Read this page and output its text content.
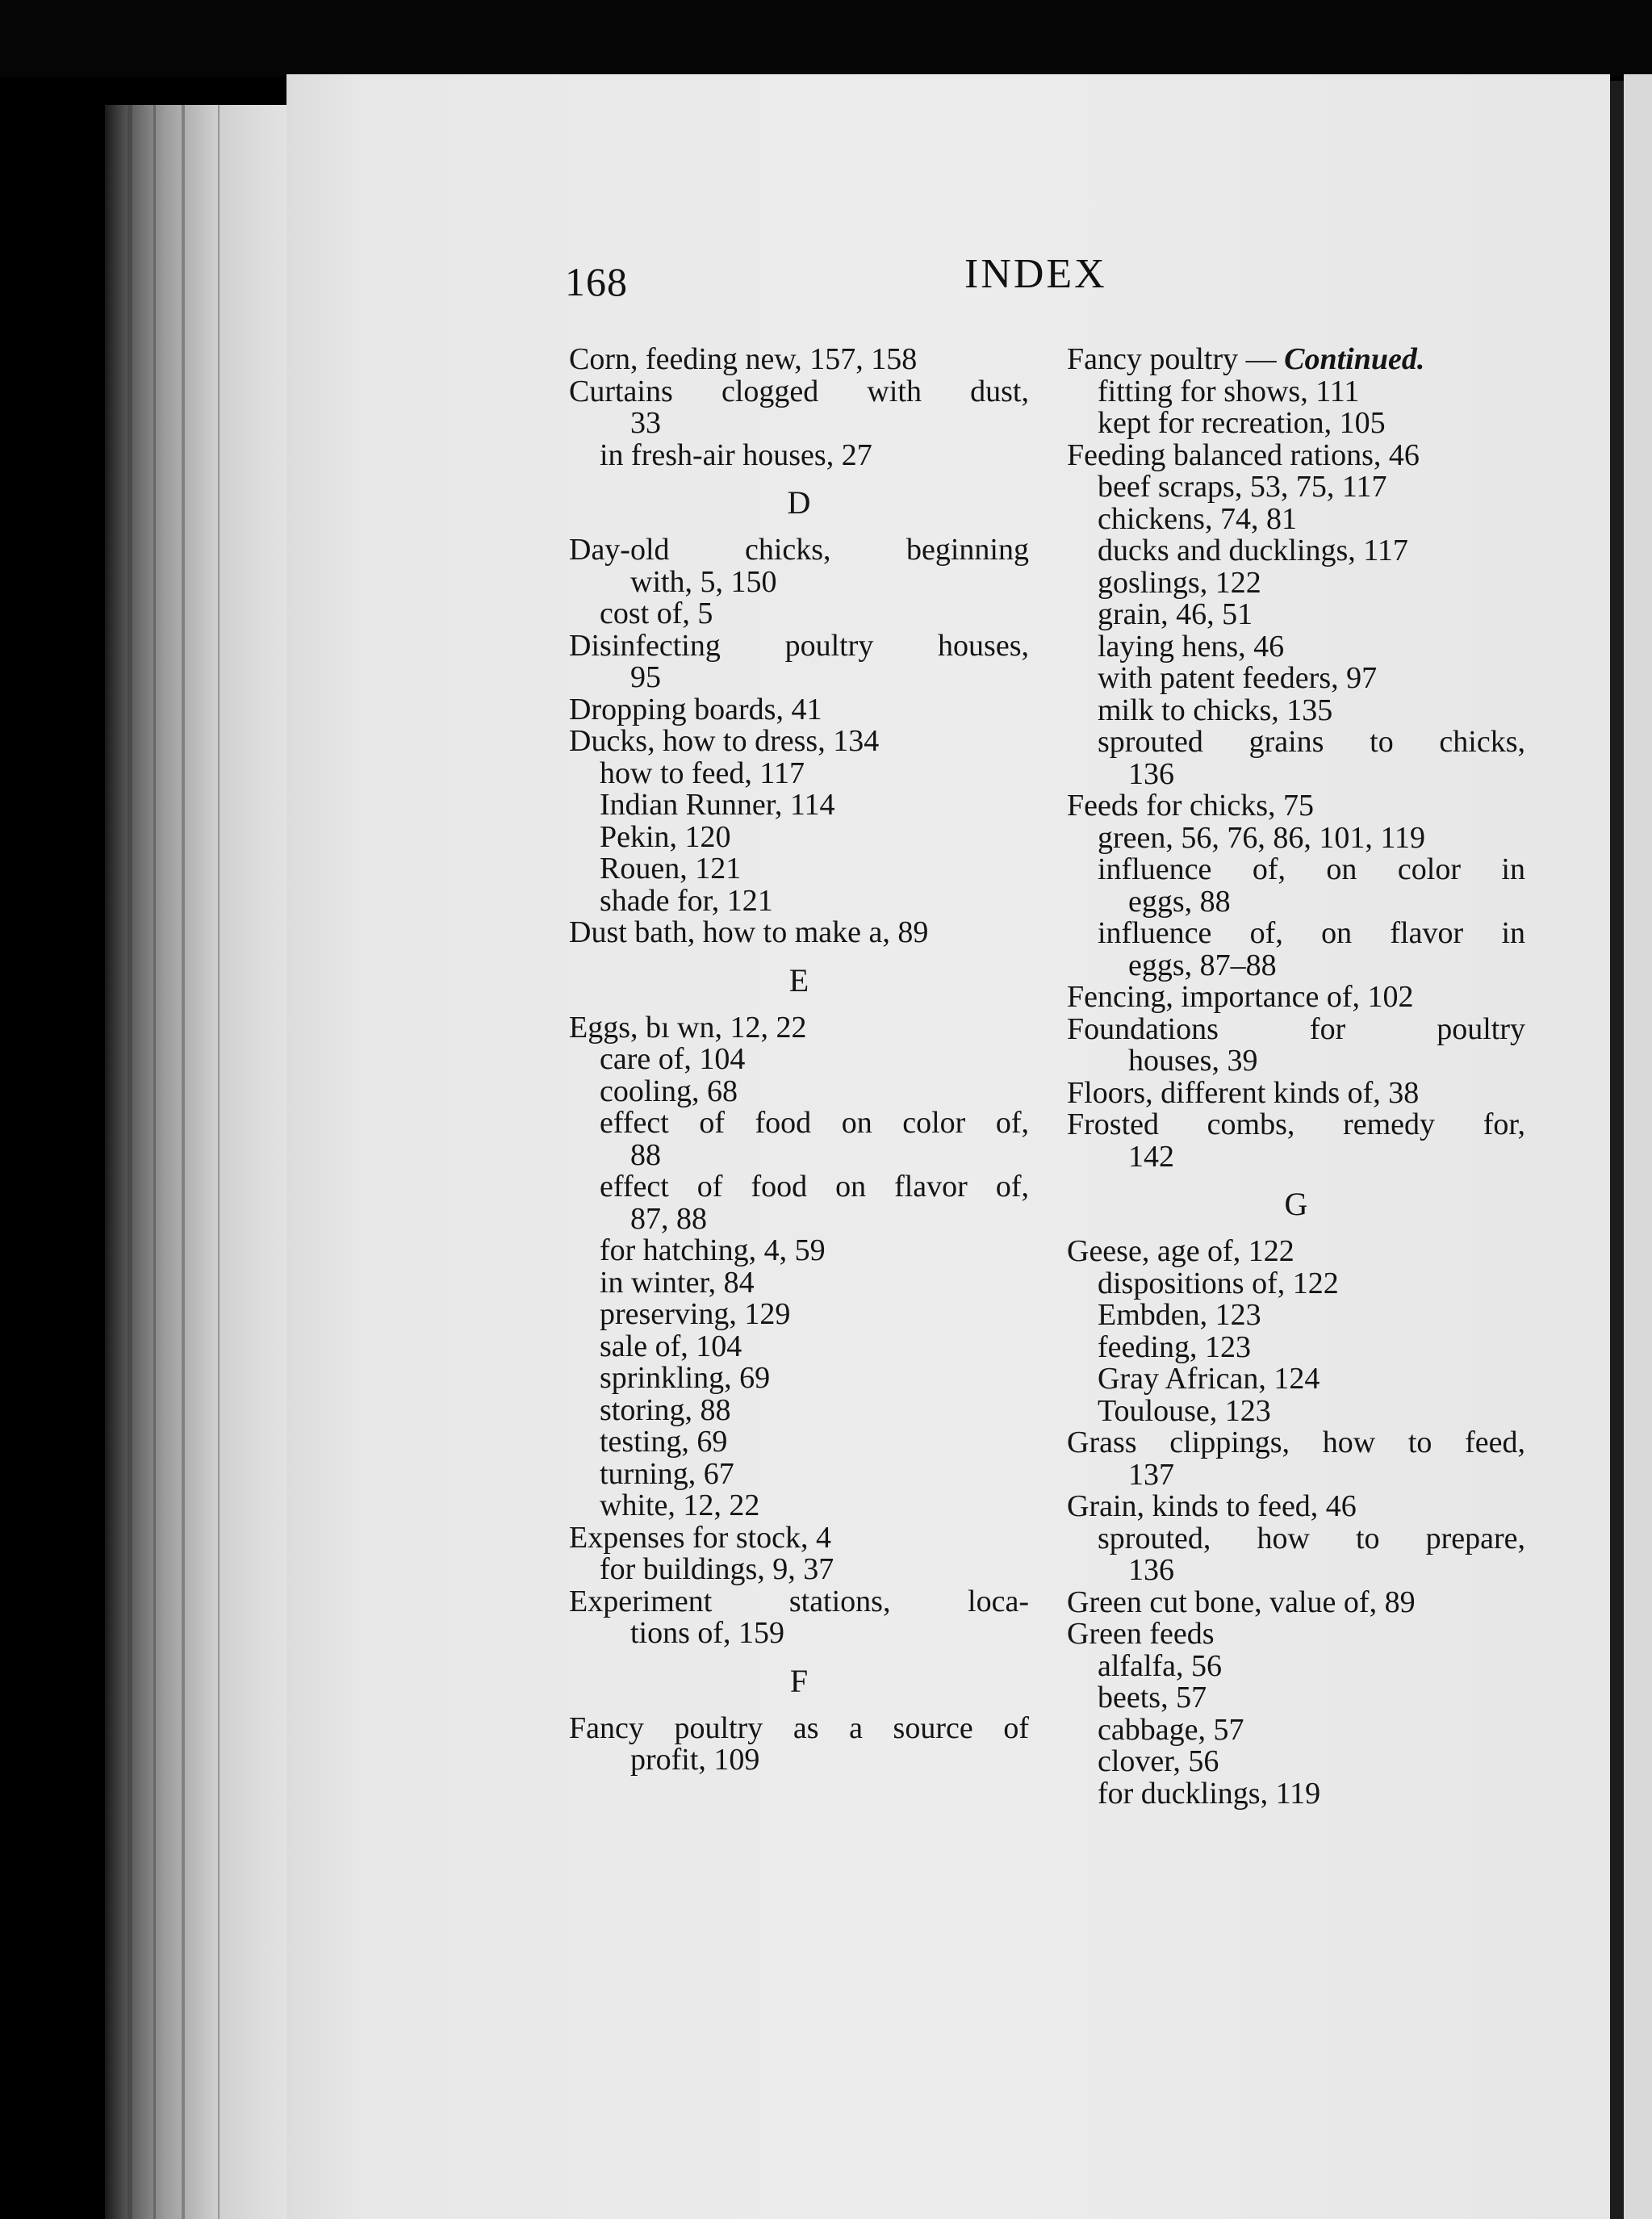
168	INDEX
Corn, feeding new, 157, 158
Curtains clogged with dust,
33
in fresh-air houses, 27
D
Day-old chicks, beginning
with, 5, 150
cost of, 5
Disinfecting poultry houses,
95
Dropping boards, 41
Ducks, how to dress, 134
how to feed, 117
Indian Runner, 114
Pekin, 120
Rouen, 121
shade for, 121
Dust bath, how to make a, 89
E
Eggs, bı wn, 12, 22
care of, 104
cooling, 68
effect of food on color of,
88
effect of food on flavor of,
87, 88
for hatching, 4, 59
in winter, 84
preserving, 129
sale of, 104
sprinkling, 69
storing, 88
testing, 69
turning, 67
white, 12, 22
Expenses for stock, 4
for buildings, 9, 37
Experiment stations, loca-
tions of, 159
F
Fancy poultry as a source of
profit, 109
Fancy poultry — Continued.
fitting for shows, 111
kept for recreation, 105
Feeding balanced rations, 46
beef scraps, 53, 75, 117
chickens, 74, 81
ducks and ducklings, 117
goslings, 122
grain, 46, 51
laying hens, 46
with patent feeders, 97
milk to chicks, 135
sprouted grains to chicks,
136
Feeds for chicks, 75
green, 56, 76, 86, 101, 119
influence of, on color in
eggs, 88
influence of, on flavor in
eggs, 87–88
Fencing, importance of, 102
Foundations for poultry
houses, 39
Floors, different kinds of, 38
Frosted combs, remedy for,
142
G
Geese, age of, 122
dispositions of, 122
Embden, 123
feeding, 123
Gray African, 124
Toulouse, 123
Grass clippings, how to feed,
137
Grain, kinds to feed, 46
sprouted, how to prepare,
136
Green cut bone, value of, 89
Green feeds
alfalfa, 56
beets, 57
cabbage, 57
clover, 56
for ducklings, 119
